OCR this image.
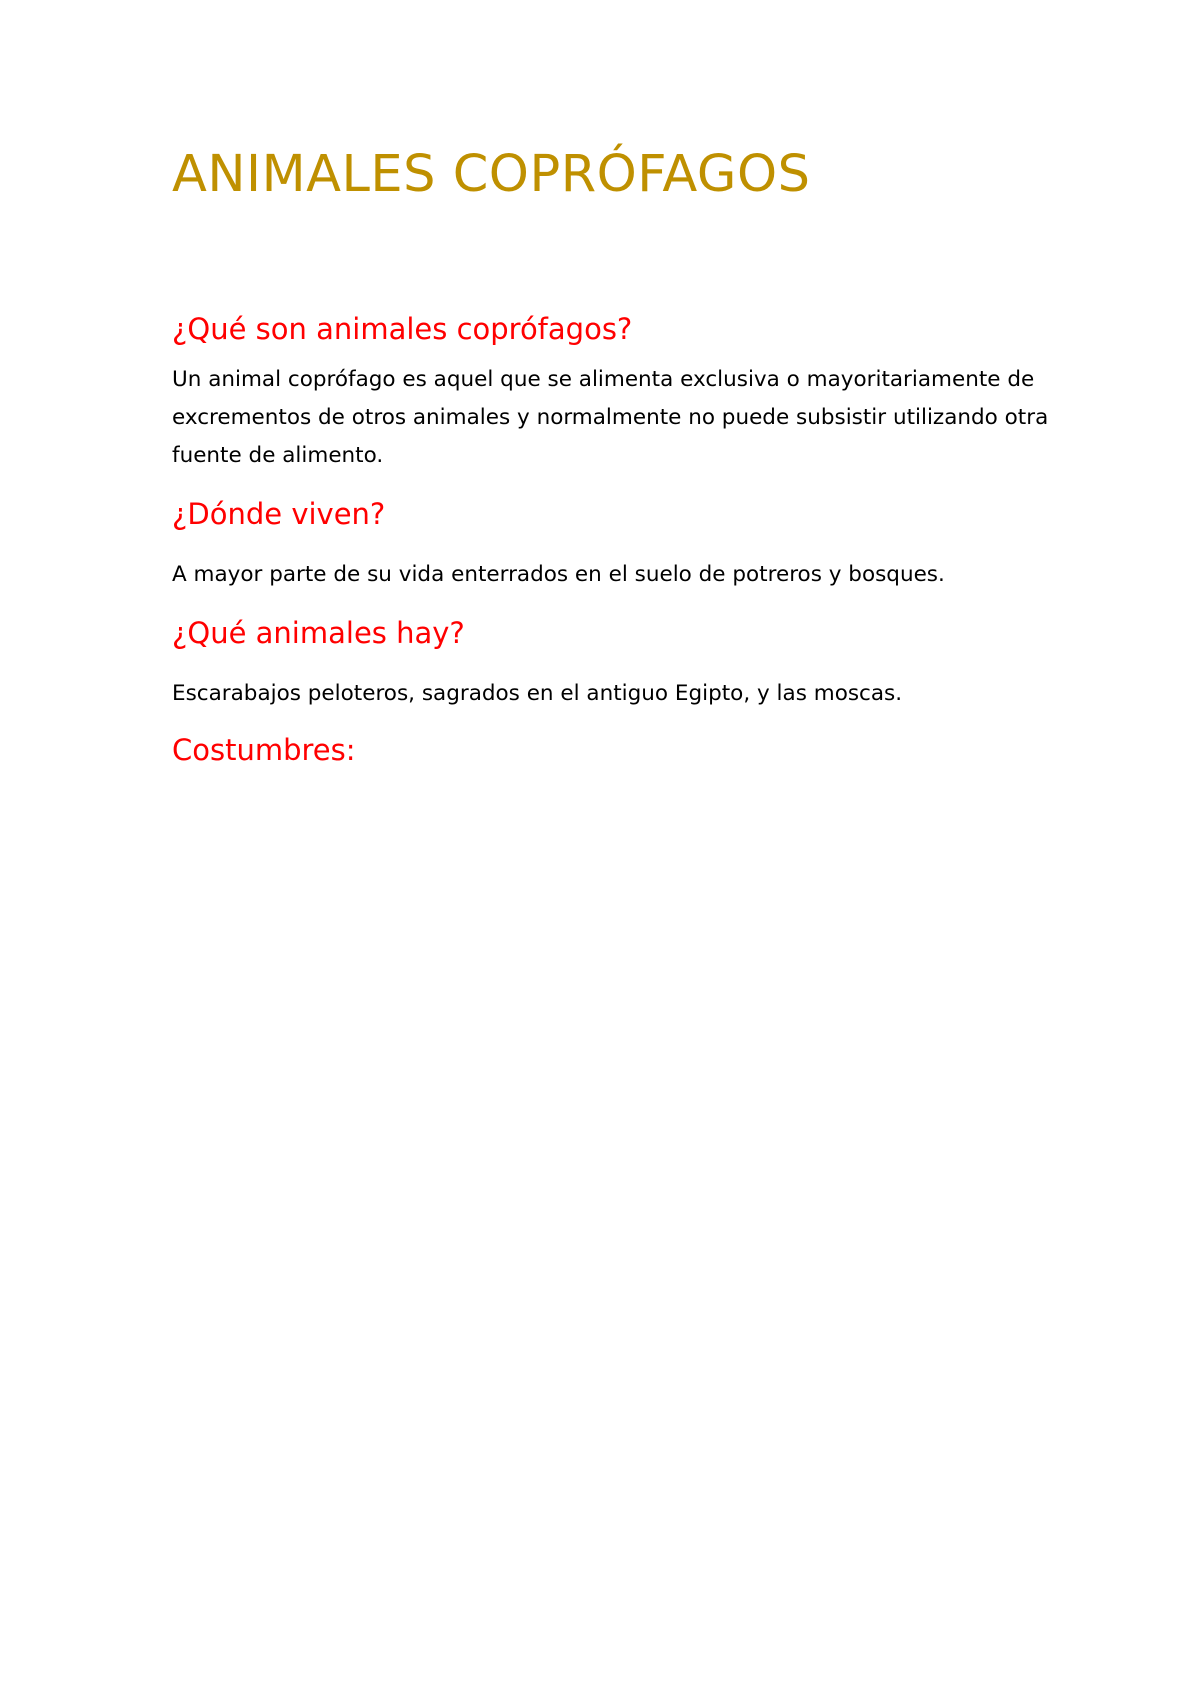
ANIMALES COPRÓFAGOS
¿Qué son animales coprófagos?

Un animal coprófago es aquel que se alimenta exclusiva o mayoritariamente de excrementos de otros animales y normalmente no puede subsistir utilizando otra fuente de alimento.

¿Dónde viven?

A mayor parte de su vida enterrados en el suelo de potreros y bosques.

¿Qué animales hay?

Escarabajos peloteros, sagrados en el antiguo Egipto, y las moscas.

Costumbres:
